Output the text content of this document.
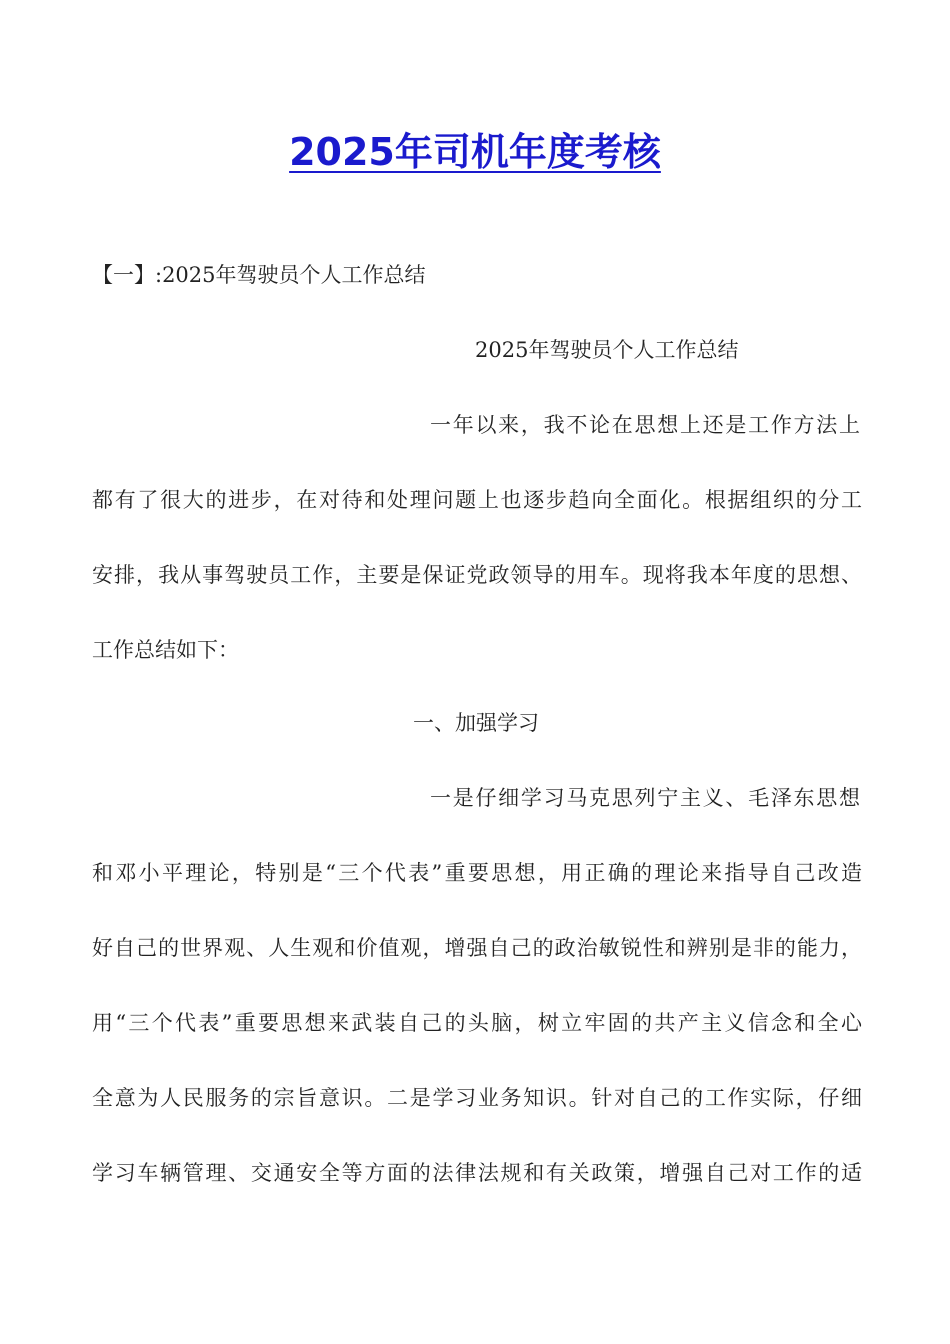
2025年司机年度考核
【一】:2025年驾驶员个人工作总结
2025年驾驶员个人工作总结
一年以来，我不论在思想上还是工作方法上
都有了很大的进步，在对待和处理问题上也逐步趋向全面化。根据组织的分工
安排，我从事驾驶员工作，主要是保证党政领导的用车。现将我本年度的思想、
工作总结如下：
一、加强学习
一是仔细学习马克思列宁主义、毛泽东思想
和邓小平理论，特别是“三个代表”重要思想，用正确的理论来指导自己改造
好自己的世界观、人生观和价值观，增强自己的政治敏锐性和辨别是非的能力，
用“三个代表”重要思想来武装自己的头脑，树立牢固的共产主义信念和全心
全意为人民服务的宗旨意识。二是学习业务知识。针对自己的工作实际，仔细
学习车辆管理、交通安全等方面的法律法规和有关政策，增强自己对工作的适
